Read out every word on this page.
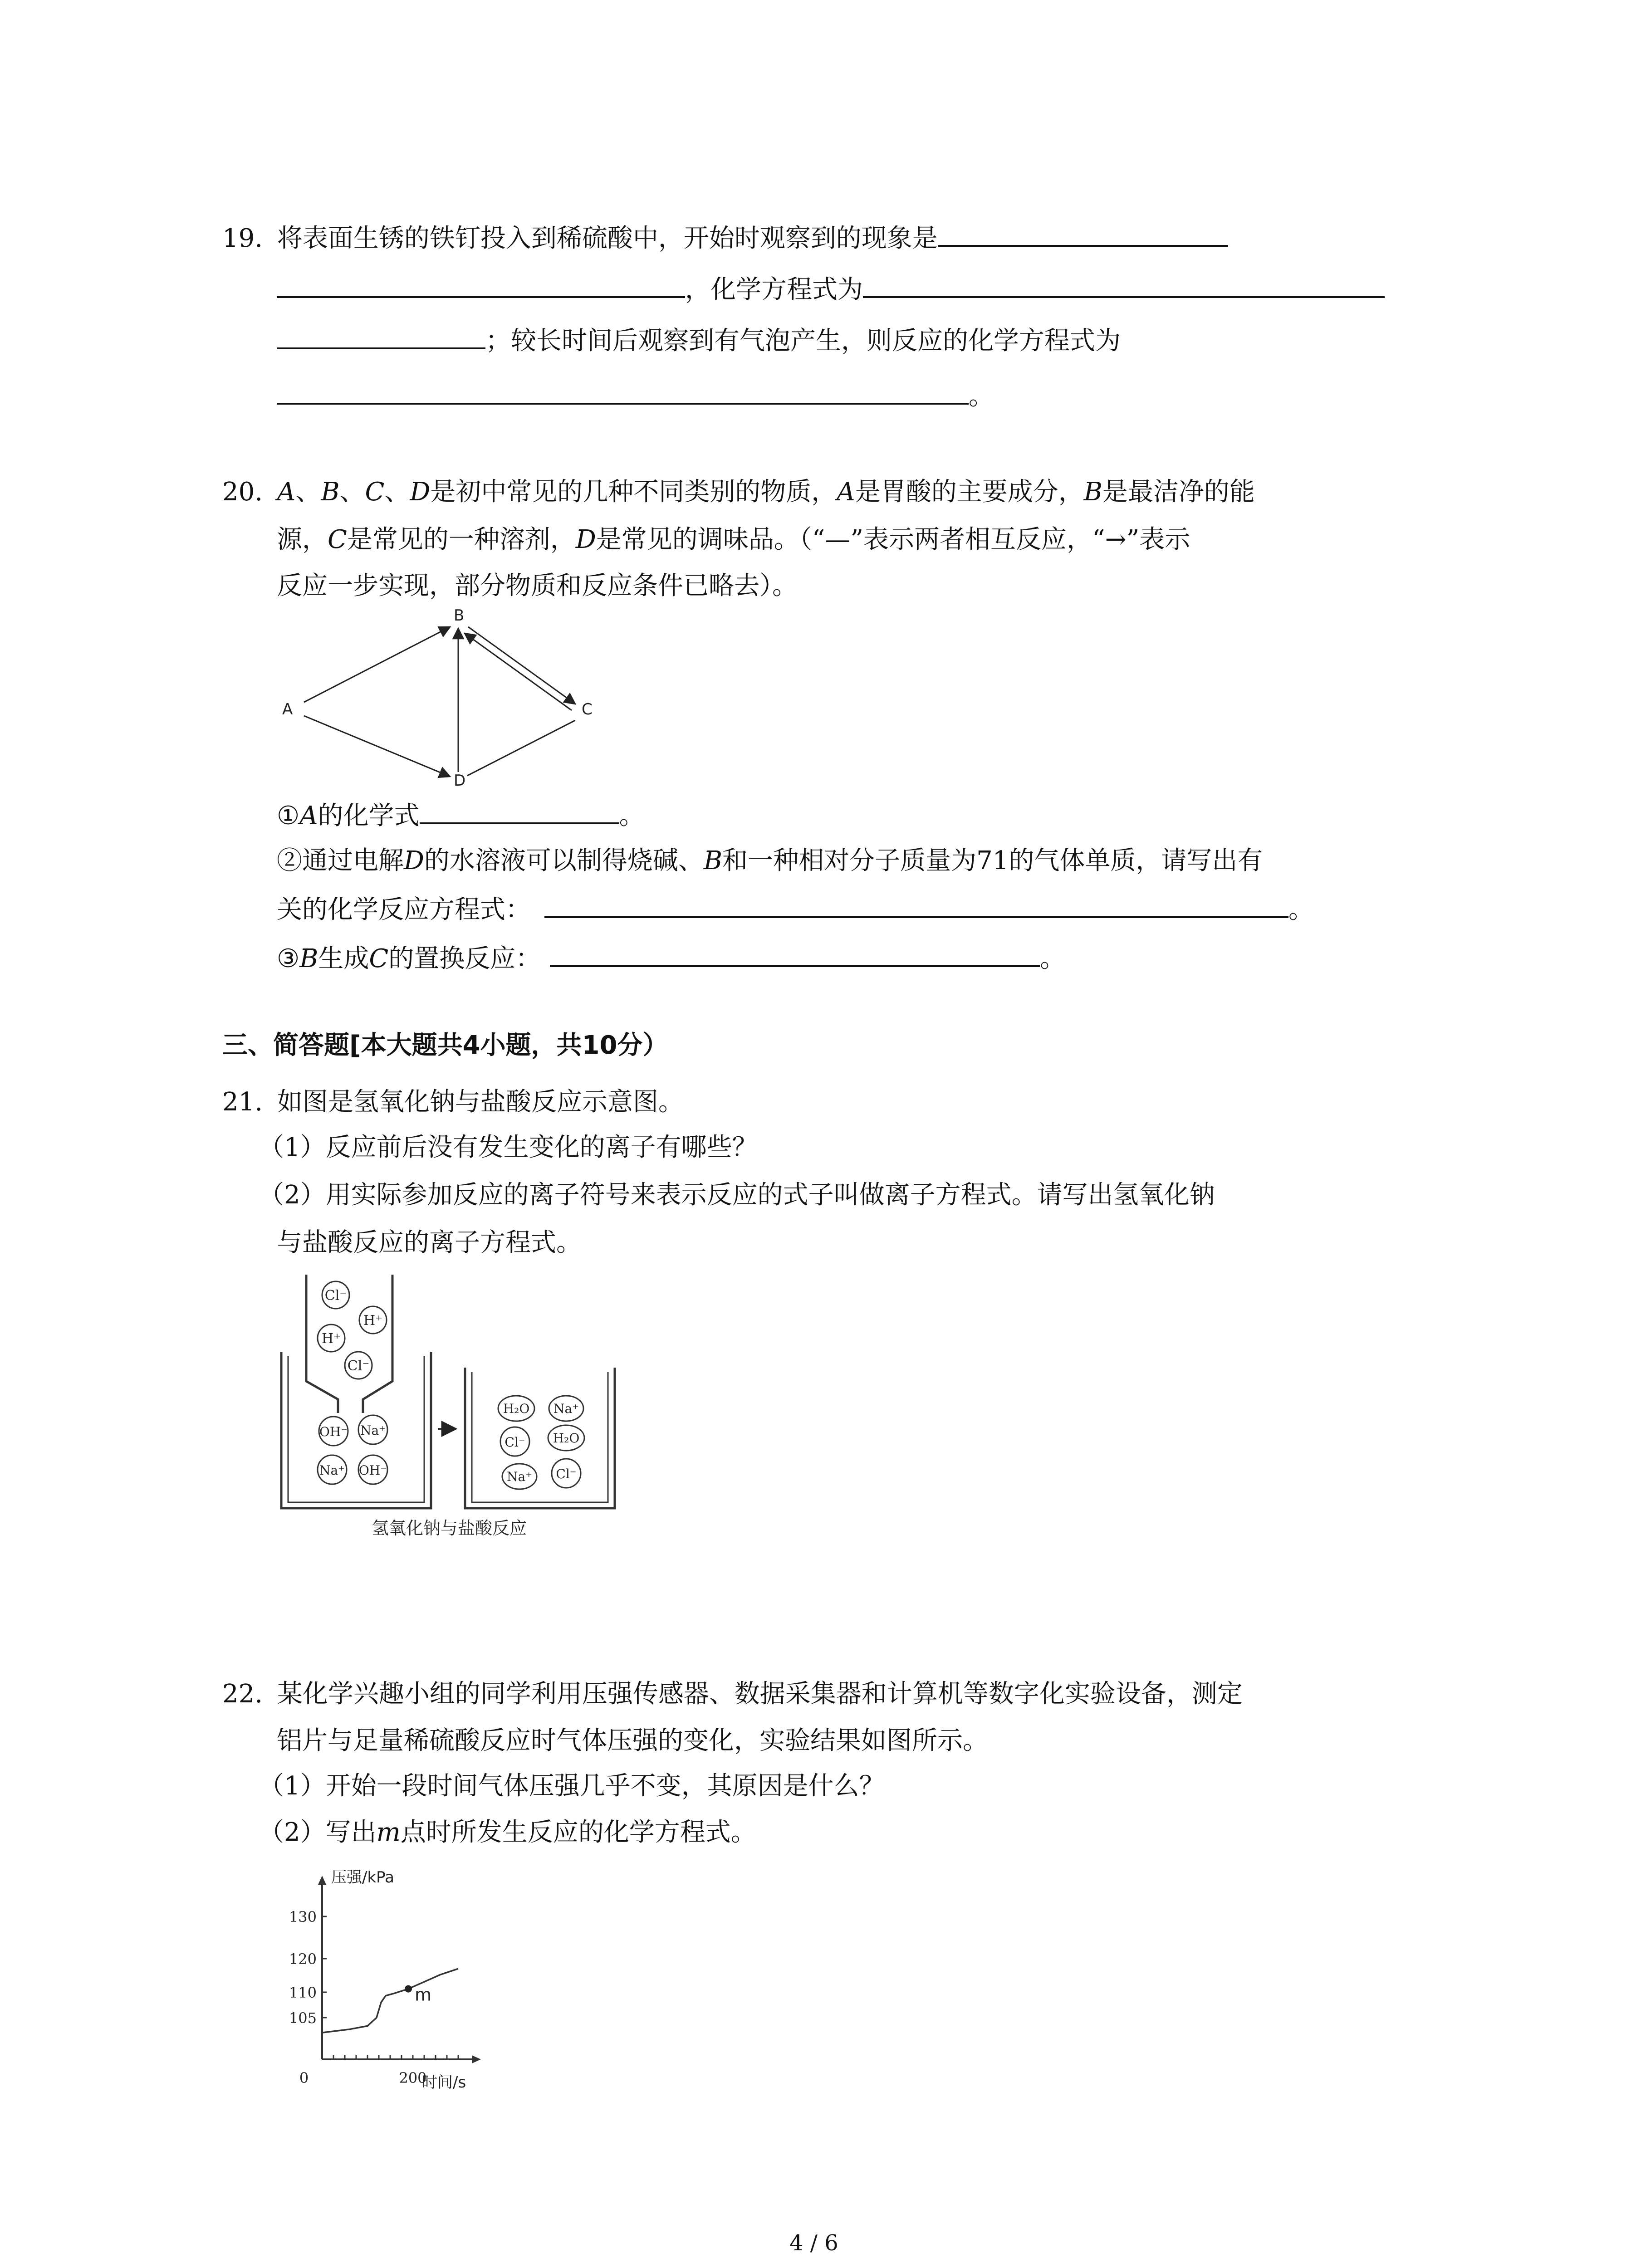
19. 将表面生锈的铁钉投入到稀硫酸中，开始时观察到的现象是
，化学方程式为
；较长时间后观察到有气泡产生，则反应的化学方程式为
。
20. A、B、C、D是初中常见的几种不同类别的物质，A是胃酸的主要成分，B是最洁净的能
源，C是常见的一种溶剂，D是常见的调味品。（“—”表示两者相互反应，“→”表示
反应一步实现，部分物质和反应条件已略去）。
B
A	C
D
①A的化学式	。
②通过电解D的水溶液可以制得烧碱、B和一种相对分子质量为71的气体单质，请写出有
关的化学反应方程式：	。
③B生成C的置换反应：	。
三、简答题[本大题共4小题，共10分）
21. 如图是氢氧化钠与盐酸反应示意图。
（1）反应前后没有发生变化的离子有哪些？
（2）用实际参加反应的离子符号来表示反应的式子叫做离子方程式。请写出氢氧化钠
与盐酸反应的离子方程式。
Cl⁻
H⁺
H⁺
Cl⁻
OH⁻ Na⁺
Na⁺ OH⁻
H₂O Na⁺
Cl⁻ H₂O
Na⁺ Cl⁻
氢氧化钠与盐酸反应
22. 某化学兴趣小组的同学利用压强传感器、数据采集器和计算机等数字化实验设备，测定
铝片与足量稀硫酸反应时气体压强的变化，实验结果如图所示。
（1）开始一段时间气体压强几乎不变，其原因是什么？
（2）写出m点时所发生反应的化学方程式。
105
110
120
130
0	200
m
压强/kPa
时间/s
4 / 6
